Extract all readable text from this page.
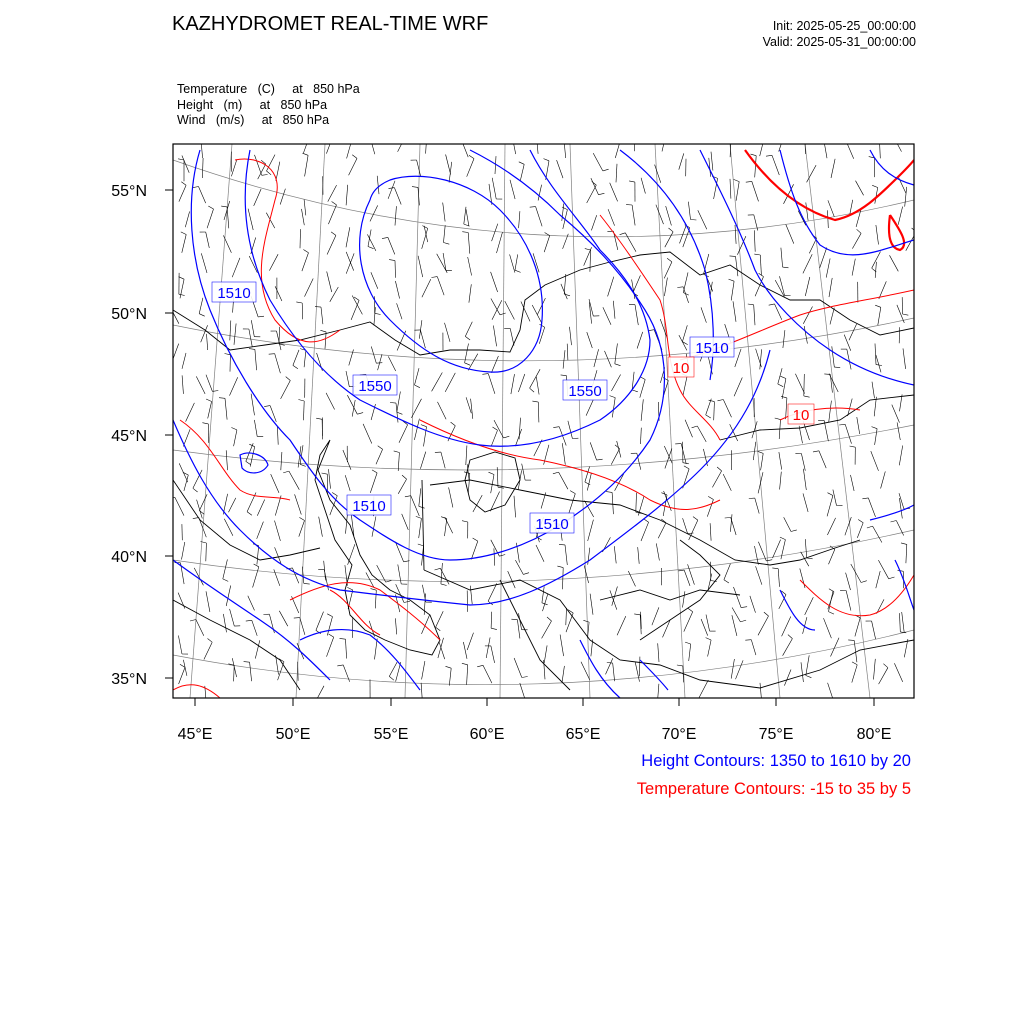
KAZHYDROMET REAL-TIME WRF	Init: 2025-05-25_00:00:00
Valid: 2025-05-31_00:00:00
Temperature   (C)     at   850 hPa
Height   (m)     at   850 hPa
Wind   (m/s)     at   850 hPa
1510
1550
1510
1550
1510
1510
10
10
55°N
50°N
45°N
40°N
35°N
45°E	50°E	55°E	60°E	65°E	70°E	75°E	80°E
Height Contours: 1350 to 1610 by 20
Temperature Contours: -15 to 35 by 5
